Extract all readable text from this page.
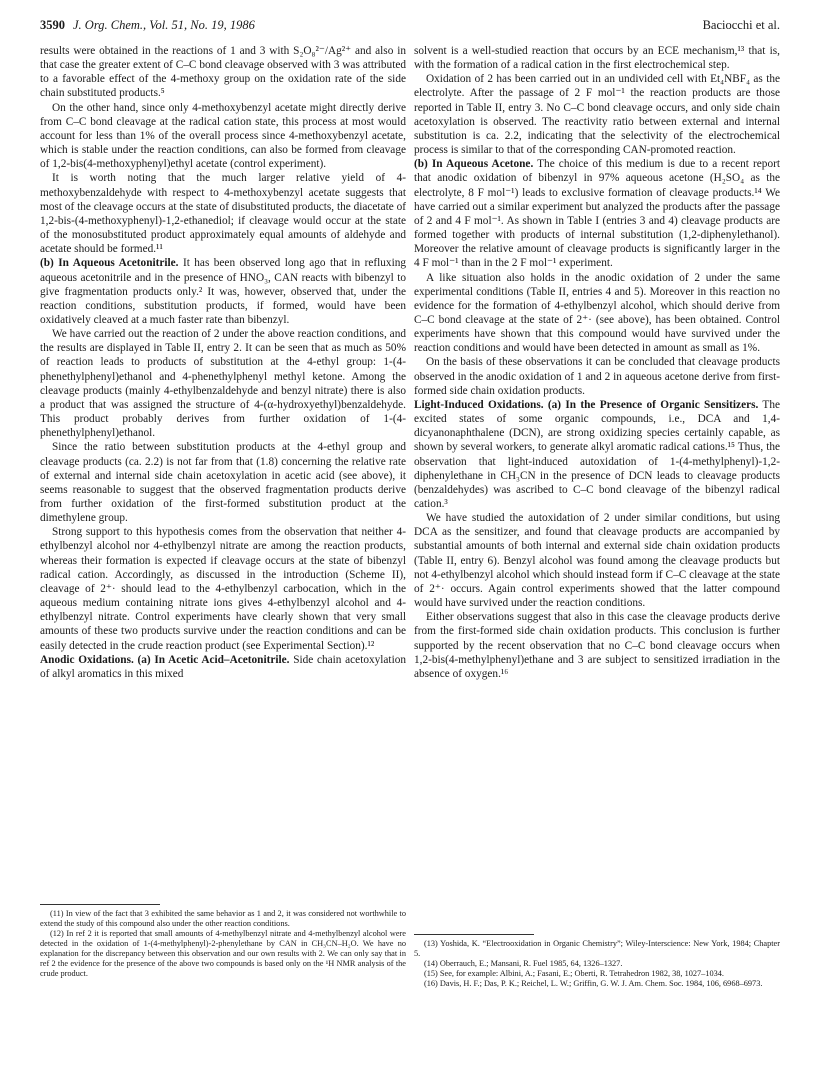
3590 J. Org. Chem., Vol. 51, No. 19, 1986	Baciocchi et al.

results were obtained in the reactions of 1 and 3 with S₂O₈²⁻/Ag²⁺ and also in that case the greater extent of C–C bond cleavage observed with 3 was attributed to a favorable effect of the 4-methoxy group on the oxidation rate of the side chain substituted products.⁵

On the other hand, since only 4-methoxybenzyl acetate might directly derive from C–C bond cleavage at the radical cation state, this process at most would account for less than 1% of the overall process since 4-methoxybenzyl acetate, which is stable under the reaction conditions, can also be formed from cleavage of 1,2-bis(4-methoxyphenyl)ethyl acetate (control experiment).

It is worth noting that the much larger relative yield of 4-methoxybenzaldehyde with respect to 4-methoxybenzyl acetate suggests that most of the cleavage occurs at the state of disubstituted products, the diacetate of 1,2-bis-(4-methoxyphenyl)-1,2-ethanediol; if cleavage would occur at the state of the monosubstituted product approximately equal amounts of aldehyde and acetate should be formed.¹¹

(b) In Aqueous Acetonitrile. It has been observed long ago that in refluxing aqueous acetonitrile and in the presence of HNO₃, CAN reacts with bibenzyl to give fragmentation products only.² It was, however, observed that, under the reaction conditions, substitution products, if formed, would have been oxidatively cleaved at a much faster rate than bibenzyl.

We have carried out the reaction of 2 under the above reaction conditions, and the results are displayed in Table II, entry 2. It can be seen that as much as 50% of reaction leads to products of substitution at the 4-ethyl group: 1-(4-phenethylphenyl)ethanol and 4-phenethylphenyl methyl ketone. Among the cleavage products (mainly 4-ethylbenzaldehyde and benzyl nitrate) there is also a product that was assigned the structure of 4-(α-hydroxyethyl)benzaldehyde. This product probably derives from further oxidation of 1-(4-phenethylphenyl)ethanol.

Since the ratio between substitution products at the 4-ethyl group and cleavage products (ca. 2.2) is not far from that (1.8) concerning the relative rate of external and internal side chain acetoxylation in acetic acid (see above), it seems reasonable to suggest that the observed fragmentation products derive from further oxidation of the first-formed substitution product at the dimethylene group.

Strong support to this hypothesis comes from the observation that neither 4-ethylbenzyl alcohol nor 4-ethylbenzyl nitrate are among the reaction products, whereas their formation is expected if cleavage occurs at the state of bibenzyl radical cation. Accordingly, as discussed in the introduction (Scheme II), cleavage of 2⁺· should lead to the 4-ethylbenzyl carbocation, which in the aqueous medium containing nitrate ions gives 4-ethylbenzyl alcohol and 4-ethylbenzyl nitrate. Control experiments have clearly shown that very small amounts of these two products survive under the reaction conditions and can be easily detected in the crude reaction product (see Experimental Section).¹²

Anodic Oxidations. (a) In Acetic Acid–Acetonitrile. Side chain acetoxylation of alkyl aromatics in this mixed

(11) In view of the fact that 3 exhibited the same behavior as 1 and 2, it was considered not worthwhile to extend the study of this compound also under the other reaction conditions.

(12) In ref 2 it is reported that small amounts of 4-methylbenzyl nitrate and 4-methylbenzyl alcohol were detected in the oxidation of 1-(4-methylphenyl)-2-phenylethane by CAN in CH₃CN–H₂O. We have no explanation for the discrepancy between this observation and our own results with 2. We can only say that in ref 2 the evidence for the presence of the above two compounds is based only on the ¹H NMR analysis of the crude product.

solvent is a well-studied reaction that occurs by an ECE mechanism,¹³ that is, with the formation of a radical cation in the first electrochemical step.

Oxidation of 2 has been carried out in an undivided cell with Et₄NBF₄ as the electrolyte. After the passage of 2 F mol⁻¹ the reaction products are those reported in Table II, entry 3. No C–C bond cleavage occurs, and only side chain acetoxylation is observed. The reactivity ratio between external and internal substitution is ca. 2.2, indicating that the selectivity of the electrochemical process is similar to that of the corresponding CAN-promoted reaction.

(b) In Aqueous Acetone. The choice of this medium is due to a recent report that anodic oxidation of bibenzyl in 97% aqueous acetone (H₂SO₄ as the electrolyte, 8 F mol⁻¹) leads to exclusive formation of cleavage products.¹⁴ We have carried out a similar experiment but analyzed the products after the passage of 2 and 4 F mol⁻¹. As shown in Table I (entries 3 and 4) cleavage products are formed together with products of internal substitution (1,2-diphenylethanol). Moreover the relative amount of cleavage products is significantly larger in the 4 F mol⁻¹ than in the 2 F mol⁻¹ experiment.

A like situation also holds in the anodic oxidation of 2 under the same experimental conditions (Table II, entries 4 and 5). Moreover in this reaction no evidence for the formation of 4-ethylbenzyl alcohol, which should derive from C–C bond cleavage at the state of 2⁺· (see above), has been obtained. Control experiments have shown that this compound would have survived under the reaction conditions and would have been detected in amount as small as 1%.

On the basis of these observations it can be concluded that cleavage products observed in the anodic oxidation of 1 and 2 in aqueous acetone derive from first-formed side chain oxidation products.

Light-Induced Oxidations. (a) In the Presence of Organic Sensitizers. The excited states of some organic compounds, i.e., DCA and 1,4-dicyanonaphthalene (DCN), are strong oxidizing species certainly capable, as shown by several workers, to generate alkyl aromatic radical cations.¹⁵ Thus, the observation that light-induced autoxidation of 1-(4-methylphenyl)-1,2-diphenylethane in CH₃CN in the presence of DCN leads to cleavage products (benzaldehydes) was ascribed to C–C bond cleavage of the bibenzyl radical cation.³

We have studied the autoxidation of 2 under similar conditions, but using DCA as the sensitizer, and found that cleavage products are accompanied by substantial amounts of both internal and external side chain oxidation products (Table II, entry 6). Benzyl alcohol was found among the cleavage products but not 4-ethylbenzyl alcohol which should instead form if C–C cleavage at the state of 2⁺· occurs. Again control experiments showed that the latter compound would have survived under the reaction conditions.

Either observations suggest that also in this case the cleavage products derive from the first-formed side chain oxidation products. This conclusion is further supported by the recent observation that no C–C bond cleavage occurs when 1,2-bis(4-methylphenyl)ethane and 3 are subject to sensitized irradiation in the absence of oxygen.¹⁶

(13) Yoshida, K. “Electrooxidation in Organic Chemistry”; Wiley-Interscience: New York, 1984; Chapter 5.

(14) Oberrauch, E.; Mansani, R. Fuel 1985, 64, 1326–1327.

(15) See, for example: Albini, A.; Fasani, E.; Oberti, R. Tetrahedron 1982, 38, 1027–1034.

(16) Davis, H. F.; Das, P. K.; Reichel, L. W.; Griffin, G. W. J. Am. Chem. Soc. 1984, 106, 6968–6973.
